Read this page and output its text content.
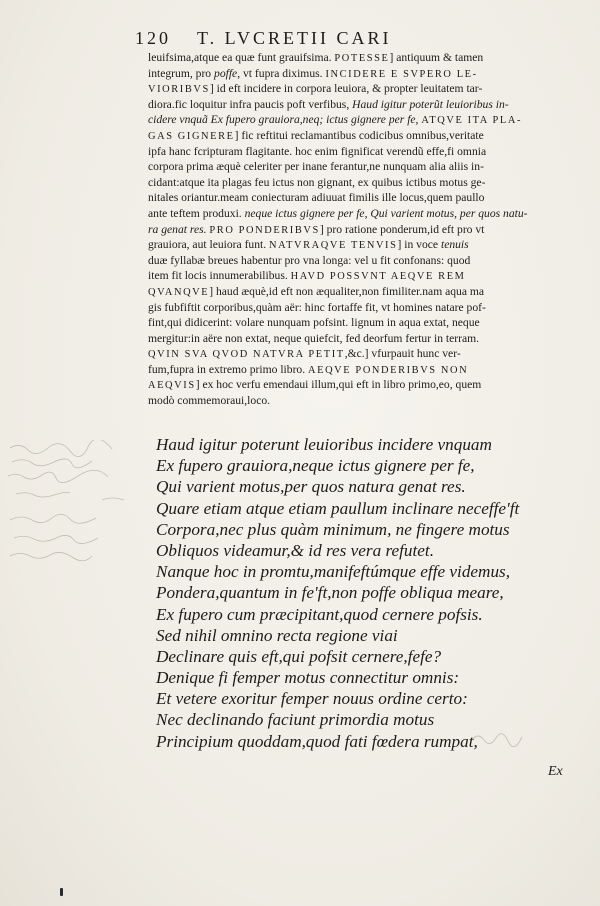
120 T. LVCRETII CARI
leuifsima,atque ea quæ funt grauifsima. POTESSE] antiquum & tamen
integrum, pro poffe, vt fupra diximus. INCIDERE E SVPERO LE-
VIORIBVS] id eft incidere in corpora leuiora, & propter leuitatem tar-
diora.fic loquitur infra paucis poft verfibus, Haud igitur poterũt leuioribus in-
cidere vnquã Ex fupero grauiora,neq; ictus gignere per fe, ATQVE ITA PLA-
GAS GIGNERE] fic reftitui reclamantibus codicibus omnibus,veritate
ipfa hanc fcripturam flagitante. hoc enim fignificat verendũ effe,fi omnia
corpora prima æquè celeriter per inane ferantur,ne nunquam alia aliis in-
cidant:atque ita plagas feu ictus non gignant, ex quibus ictibus motus ge-
nitales oriantur.meam coniecturam adiuuat fimilis ille locus,quem paullo
ante teftem produxi. neque ictus gignere per fe, Qui varient motus, per quos natu-
ra genat res. PRO PONDERIBVS] pro ratione ponderum,id eft pro vt
grauiora, aut leuiora funt. NATVRAQVE TENVIS] in voce tenuis
duæ fyllabæ breues habentur pro vna longa: vel u fit confonans: quod
item fit locis innumerabilibus. HAVD POSSVNT AEQVE REM
QVANQVE] haud æquè,id eft non æqualiter,non fimiliter.nam aqua ma
gis fubfiftit corporibus,quàm aër: hinc fortaffe fit, vt homines natare pof-
fint,qui didicerint: volare nunquam pofsint. lignum in aqua extat, neque
mergitur:in aëre non extat, neque quiefcit, fed deorfum fertur in terram.
QVIN SVA QVOD NATVRA PETIT,&c.] vfurpauit hunc ver-
fum,fupra in extremo primo libro. AEQVE PONDERIBVS NON
AEQVIS] ex hoc verfu emendaui illum,qui eft in libro primo,eo, quem
modò commemoraui,loco.
Haud igitur poterunt leuioribus incidere vnquam
Ex fupero grauiora,neque ictus gignere per fe,
Qui varient motus,per quos natura genat res.
Quare etiam atque etiam paullum inclinare neceffe'ft
Corpora,nec plus quàm minimum, ne fingere motus
Obliquos videamur,& id res vera refutet.
Nanque hoc in promtu,manifeftúmque effe videmus,
Pondera,quantum in fe'ft,non poffe obliqua meare,
Ex fupero cum præcipitant,quod cernere pofsis.
Sed nihil omnino recta regione viai
Declinare quis eft,qui pofsit cernere,fefe?
Denique fi femper motus connectitur omnis:
Et vetere exoritur femper nouus ordine certo:
Nec declinando faciunt primordia motus
Principium quoddam,quod fati fœdera rumpat,
Ex
